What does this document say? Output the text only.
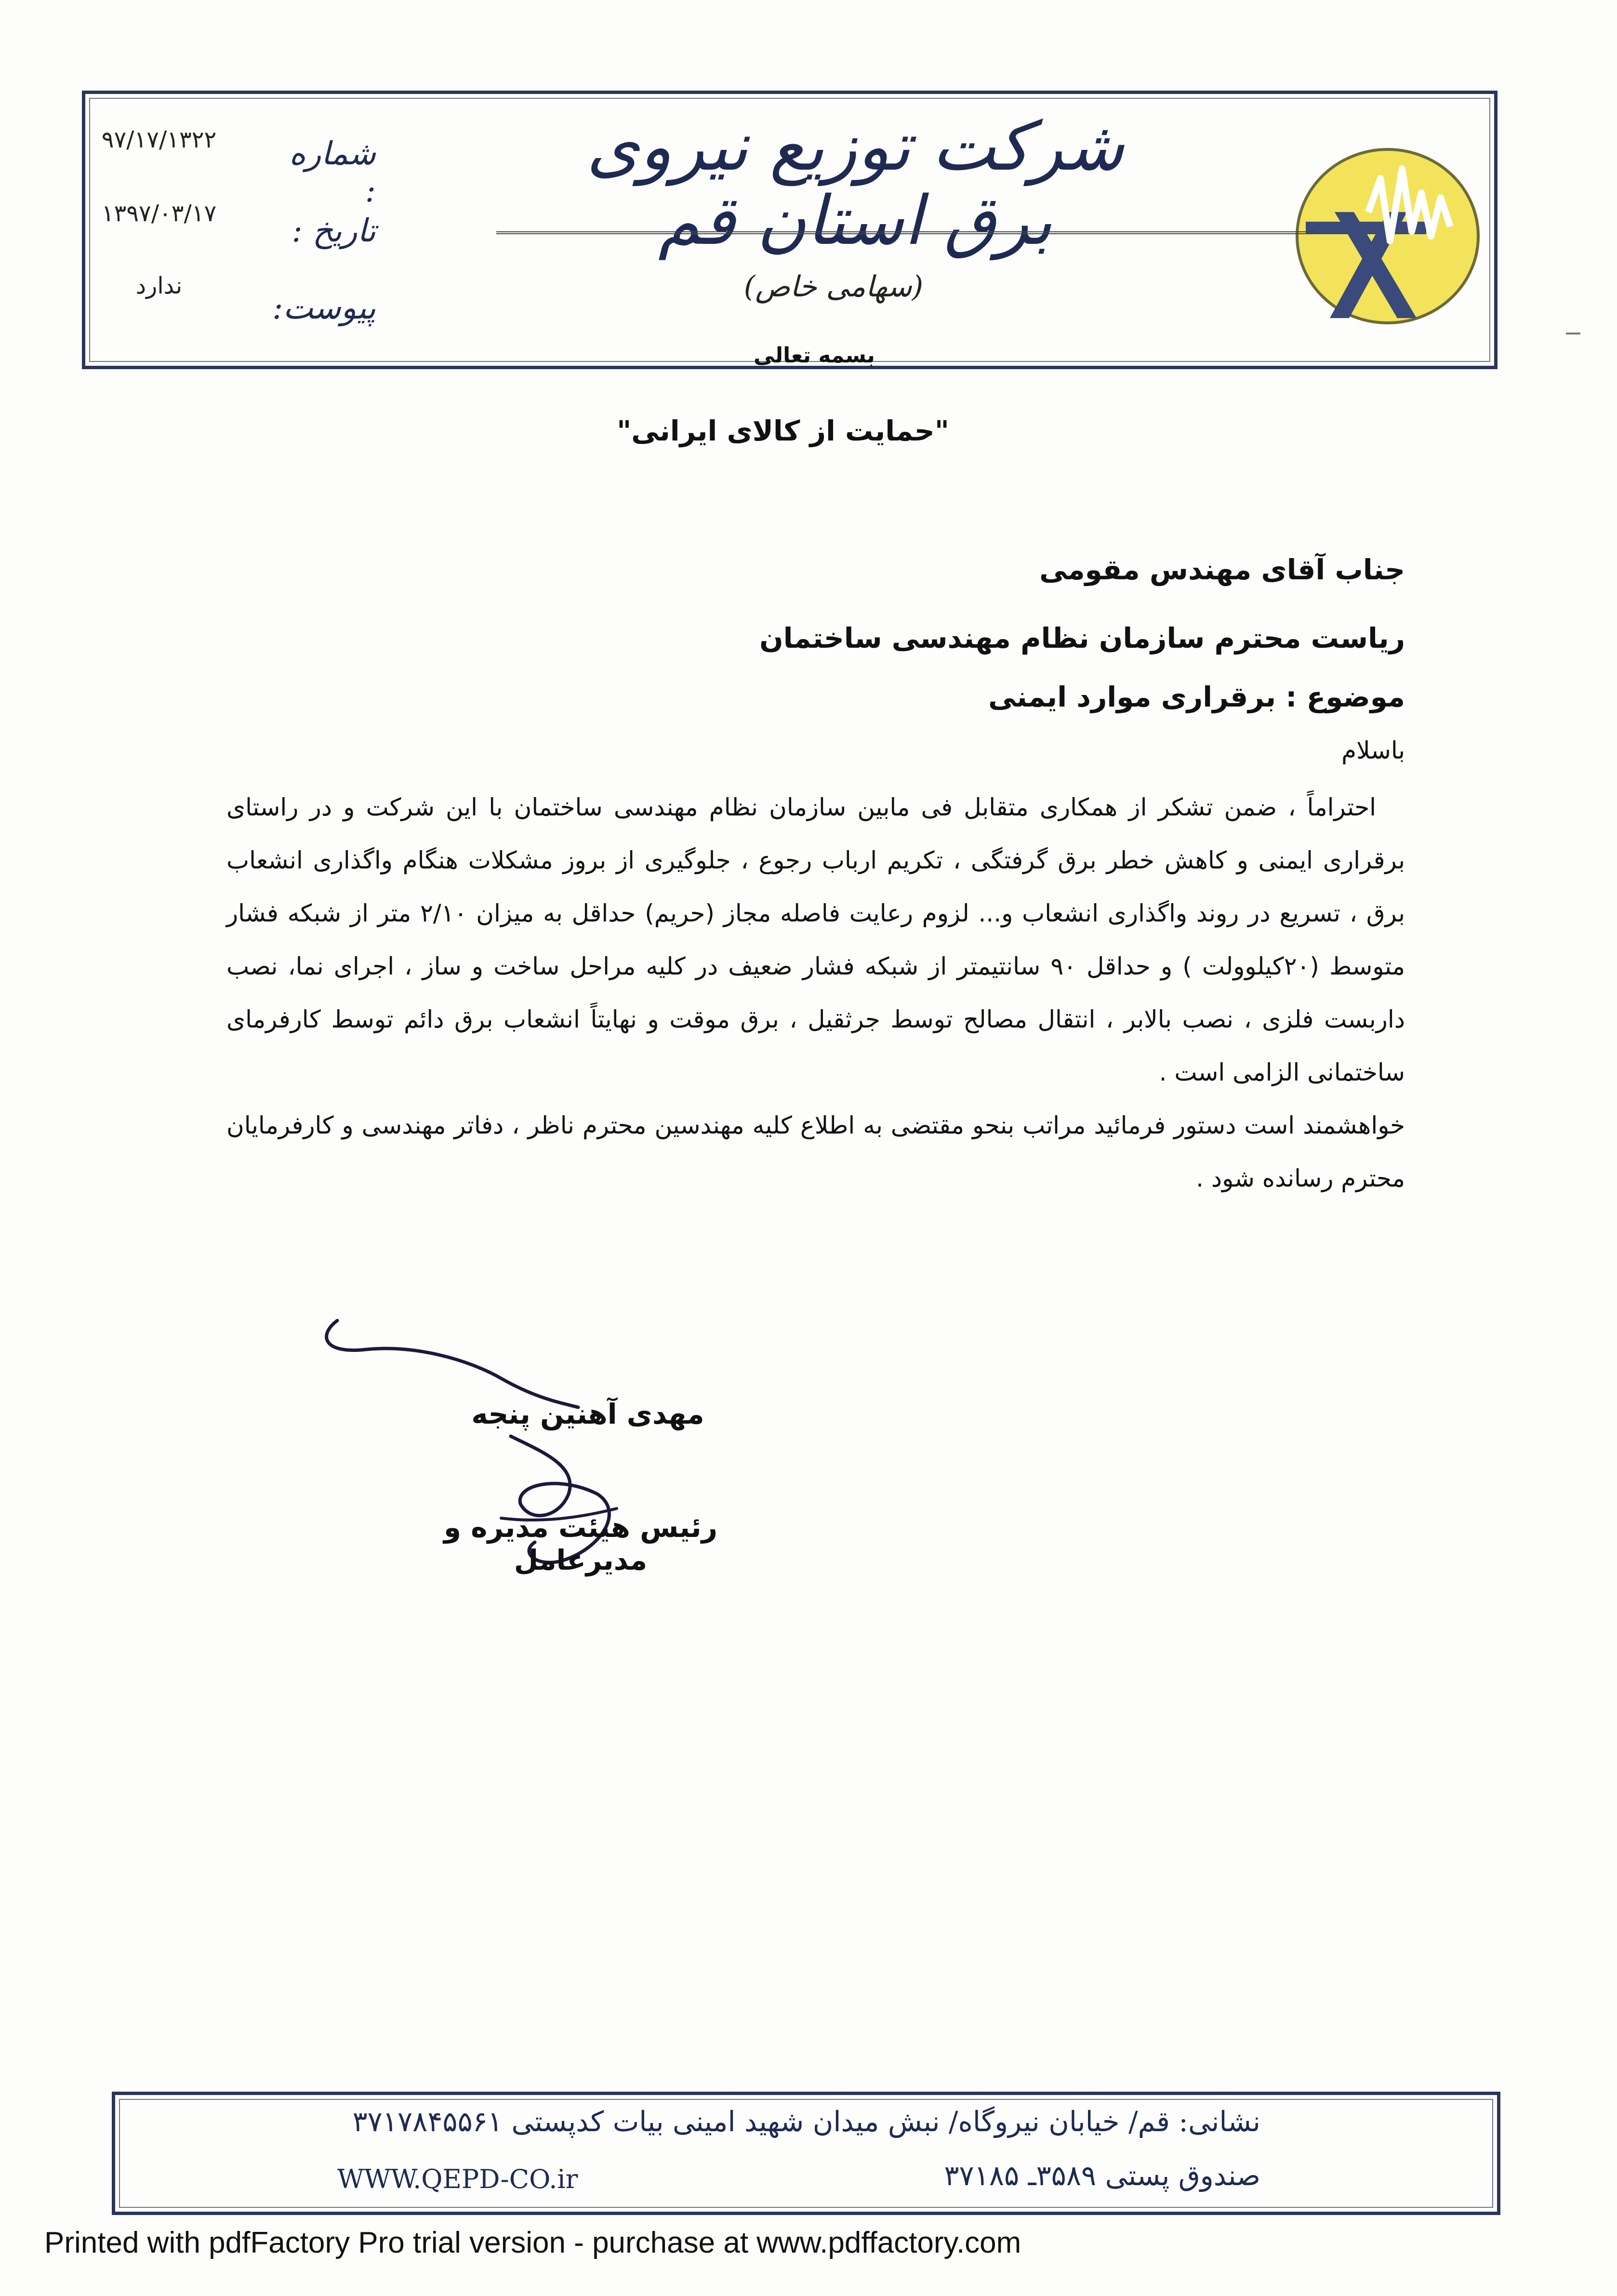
شرکت توزیع نیروی برق استان قم
(سهامی خاص)
شماره :
۹۷/۱۷/۱۳۲۲
تاریخ :
۱۳۹۷/۰۳/۱۷
پیوست:
ندارد
بسمه تعالی
"حمایت از کالای ایرانی"
جناب آقای مهندس مقومی
ریاست محترم سازمان نظام مهندسی ساختمان
موضوع : برقراری موارد ایمنی
باسلام

احتراماً ، ضمن تشکر از همکاری متقابل فی مابین سازمان نظام مهندسی ساختمان با این شرکت و در راستای برقراری ایمنی و کاهش خطر برق گرفتگی ، تکریم ارباب رجوع ، جلوگیری از بروز مشکلات هنگام واگذاری انشعاب برق ، تسریع در روند واگذاری انشعاب و... لزوم رعایت فاصله مجاز (حریم) حداقل به میزان ۲/۱۰ متر از شبکه فشار متوسط (۲۰کیلوولت ) و حداقل ۹۰ سانتیمتر از شبکه فشار ضعیف در کلیه مراحل ساخت و ساز ، اجرای نما، نصب داربست فلزی ، نصب بالابر ، انتقال مصالح توسط جرثقیل ، برق موقت و نهایتاً انشعاب برق دائم توسط کارفرمای ساختمانی الزامی است .

خواهشمند است دستور فرمائید مراتب بنحو مقتضی به اطلاع کلیه مهندسین محترم ناظر ، دفاتر مهندسی و کارفرمایان محترم رسانده شود .

مهدی آهنین پنجه
رئیس هیئت مدیره و مدیرعامل
نشانی: قم/ خیابان نیروگاه/ نبش میدان شهید امینی بیات کدپستی ۳۷۱۷۸۴۵۵۶۱
صندوق پستی ۳۵۸۹ـ ۳۷۱۸۵
WWW.QEPD-CO.ir
Printed with pdfFactory Pro trial version - purchase at www.pdffactory.com
